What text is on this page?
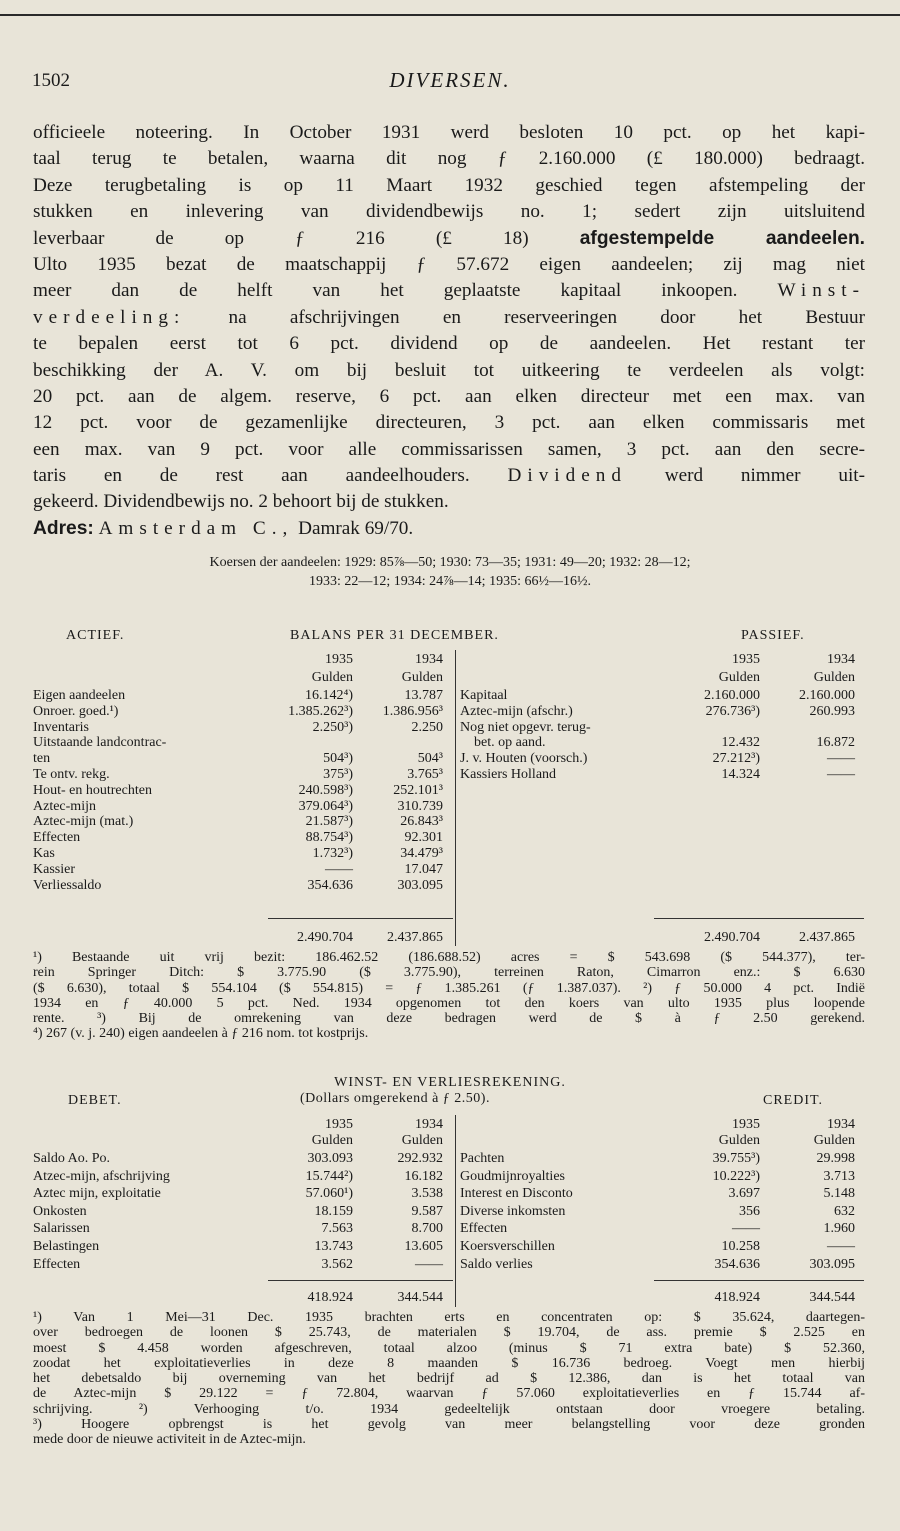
1502	DIVERSEN.
officieele noteering. In October 1931 werd besloten 10 pct. op het kapi-
taal terug te betalen, waarna dit nog ƒ 2.160.000 (£ 180.000) bedraagt.
Deze terugbetaling is op 11 Maart 1932 geschied tegen afstempeling der
stukken en inlevering van dividendbewijs no. 1; sedert zijn uitsluitend
leverbaar de op ƒ 216 (£ 18)	afgestempelde aandeelen.
Ulto 1935 bezat de maatschappij ƒ 57.672 eigen aandeelen; zij mag niet
meer dan de helft van het geplaatste kapitaal inkoopen. Winst-
verdeeling: na afschrijvingen en reserveeringen door het Bestuur
te bepalen eerst tot 6 pct. dividend op de aandeelen. Het restant ter
beschikking der A. V. om bij besluit tot uitkeering te verdeelen als volgt:
20 pct. aan de algem. reserve, 6 pct. aan elken directeur met een max. van
12 pct. voor de gezamenlijke directeuren, 3 pct. aan elken commissaris met
een max. van 9 pct. voor alle commissarissen samen, 3 pct. aan den secre-
taris en de rest aan aandeelhouders. Dividend werd nimmer uit-
gekeerd. Dividendbewijs no. 2 behoort bij de stukken.
Adres: Amsterdam C., Damrak 69/70.
Koersen der aandeelen: 1929: 85⅞—50; 1930: 73—35; 1931: 49—20; 1932: 28—12;
1933: 22—12; 1934: 24⅞—14; 1935: 66½—16½.
ACTIEF.	BALANS PER 31 DECEMBER.	PASSIEF.
1935	1934
Gulden	Gulden
Eigen aandeelen	16.142⁴)	13.787
Onroer. goed.¹)	1.385.262³)	1.386.956³
Inventaris	2.250³)	2.250
Uitstaande landcontrac-
ten	504³)	504³
Te ontv. rekg.	375³)	3.765³
Hout- en houtrechten	240.598³)	252.101³
Aztec-mijn	379.064³)	310.739
Aztec-mijn (mat.)	21.587³)	26.843³
Effecten	88.754³)	92.301
Kas	1.732³)	34.479³
Kassier	——	17.047
Verliessaldo	354.636	303.095
1935	1934
Gulden	Gulden
Kapitaal	2.160.000	2.160.000
Aztec-mijn (afschr.)	276.736³)	260.993
Nog niet opgevr. terug-
bet. op aand.	12.432	16.872
J. v. Houten (voorsch.)	27.212³)	——
Kassiers Holland	14.324	——
2.490.704	2.437.865	2.490.704	2.437.865
¹) Bestaande uit vrij bezit: 186.462.52 (186.688.52) acres = $ 543.698 ($ 544.377), ter-
rein Springer Ditch: $ 3.775.90 ($ 3.775.90), terreinen Raton, Cimarron enz.: $ 6.630
($ 6.630), totaal $ 554.104 ($ 554.815) = ƒ 1.385.261 (ƒ 1.387.037). ²) ƒ 50.000 4 pct. Indië
1934 en ƒ 40.000 5 pct. Ned. 1934 opgenomen tot den koers van ulto 1935 plus loopende
rente. ³) Bij de omrekening van deze bedragen werd de $ à ƒ 2.50 gerekend.
⁴) 267 (v. j. 240) eigen aandeelen à ƒ 216 nom. tot kostprijs.
WINST- EN VERLIESREKENING.
DEBET.	(Dollars omgerekend à ƒ 2.50).	CREDIT.
1935	1934
Gulden	Gulden
Saldo Ao. Po.	303.093	292.932
Atzec-mijn, afschrijving	15.744²)	16.182
Aztec mijn, exploitatie	57.060¹)	3.538
Onkosten	18.159	9.587
Salarissen	7.563	8.700
Belastingen	13.743	13.605
Effecten	3.562	——
1935	1934
Gulden	Gulden
Pachten	39.755³)	29.998
Goudmijnroyalties	10.222³)	3.713
Interest en Disconto	3.697	5.148
Diverse inkomsten	356	632
Effecten	——	1.960
Koersverschillen	10.258	——
Saldo verlies	354.636	303.095
418.924	344.544	418.924	344.544
¹) Van 1 Mei—31 Dec. 1935 brachten erts en concentraten op: $ 35.624, daartegen-
over bedroegen de loonen $ 25.743, de materialen $ 19.704, de ass. premie $ 2.525 en
moest $ 4.458 worden afgeschreven, totaal alzoo (minus $ 71 extra bate) $ 52.360,
zoodat het exploitatieverlies in deze 8 maanden $ 16.736 bedroeg. Voegt men hierbij
het debetsaldo bij overneming van het bedrijf ad $ 12.386, dan is het totaal van
de Aztec-mijn $ 29.122 = ƒ 72.804, waarvan ƒ 57.060 exploitatieverlies en ƒ 15.744 af-
schrijving. ²) Verhooging t/o. 1934 gedeeltelijk ontstaan door vroegere betaling.
³) Hoogere opbrengst is het gevolg van meer belangstelling voor deze gronden
mede door de nieuwe activiteit in de Aztec-mijn.
